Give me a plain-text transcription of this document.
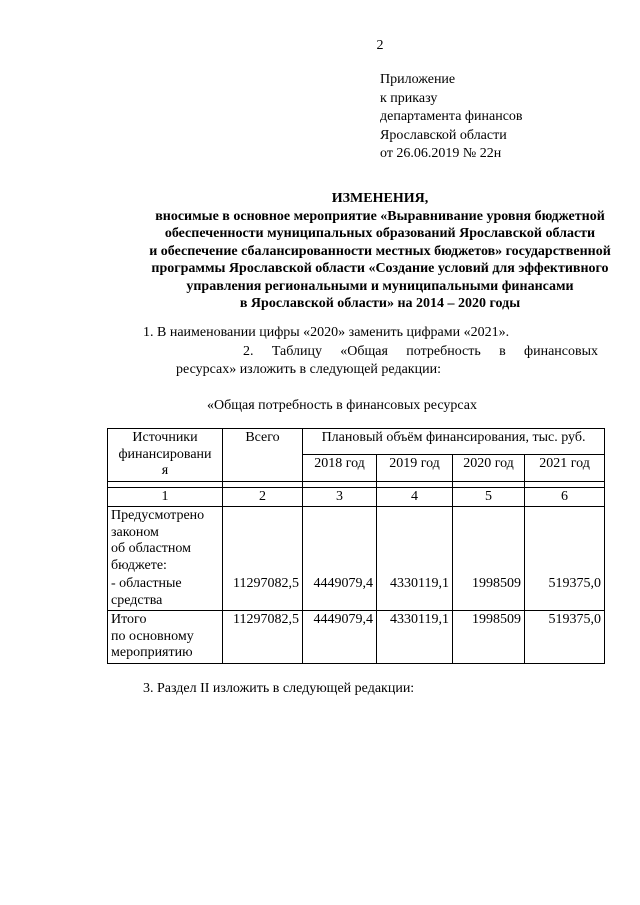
2
Приложение
к приказу
департамента финансов
Ярославской области
от 26.06.2019 № 22н
ИЗМЕНЕНИЯ,
вносимые в основное мероприятие «Выравнивание уровня бюджетной
обеспеченности муниципальных образований Ярославской области
и обеспечение сбалансированности местных бюджетов» государственной
программы Ярославской области «Создание условий для эффективного
управления региональными и муниципальными финансами
в Ярославской области» на 2014 – 2020 годы
1. В наименовании цифры «2020» заменить цифрами «2021».
2. Таблицу «Общая потребность в финансовых
ресурсах» изложить в следующей редакции:
«Общая потребность в финансовых ресурсах
Источники
финансировани
я	Всего	Плановый объём финансирования, тыс. руб.			
		2018 год	2019 год	2020 год	2021 год

1	2	3	4	5	6

Предусмотрено
законом
об областном
бюджете:					

- областные
средства	11297082,5	4449079,4	4330119,1	1998509	519375,0

Итого
по основному
мероприятию	11297082,5	4449079,4	4330119,1	1998509	519375,0
3. Раздел II изложить в следующей редакции:
